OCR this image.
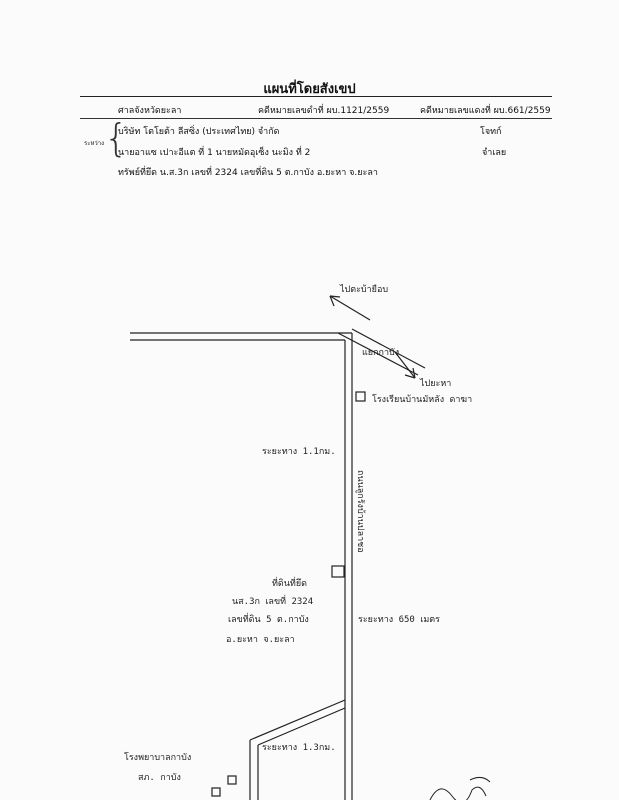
แผนที่โดยสังเขป
ศาลจังหวัดยะลา	คดีหมายเลขดำที่ ผบ.1121/2559	คดีหมายเลขแดงที่ ผบ.661/2559
ระหว่าง {
บริษัท โตโยต้า ลีสซิ่ง (ประเทศไทย) จำกัด	โจทก์
นายอาแซ เปาะอีแต ที่ 1 นายหมัดอุเซ็ง นะมิง ที่ 2	จำเลย
ทรัพย์ที่ยึด น.ส.3ก เลขที่ 2324 เลขที่ดิน 5 ต.กาบัง อ.ยะหา จ.ยะลา
ไปตะบ้ายือบ
แยกกาบัง
ไปยะหา
โรงเรียนบ้านมัหลัง ดาฆา
ระยะทาง 1.1กม.
ถนนลูกรังบ้านปลาชอ
ที่ดินที่ยึด
นส.3ก เลขที่ 2324
เลขที่ดิน 5 ต.กาบัง
อ.ยะหา จ.ยะลา
ระยะทาง 650 เมตร
ระยะทาง 1.3กม.
โรงพยาบาลกาบัง
สภ. กาบัง
